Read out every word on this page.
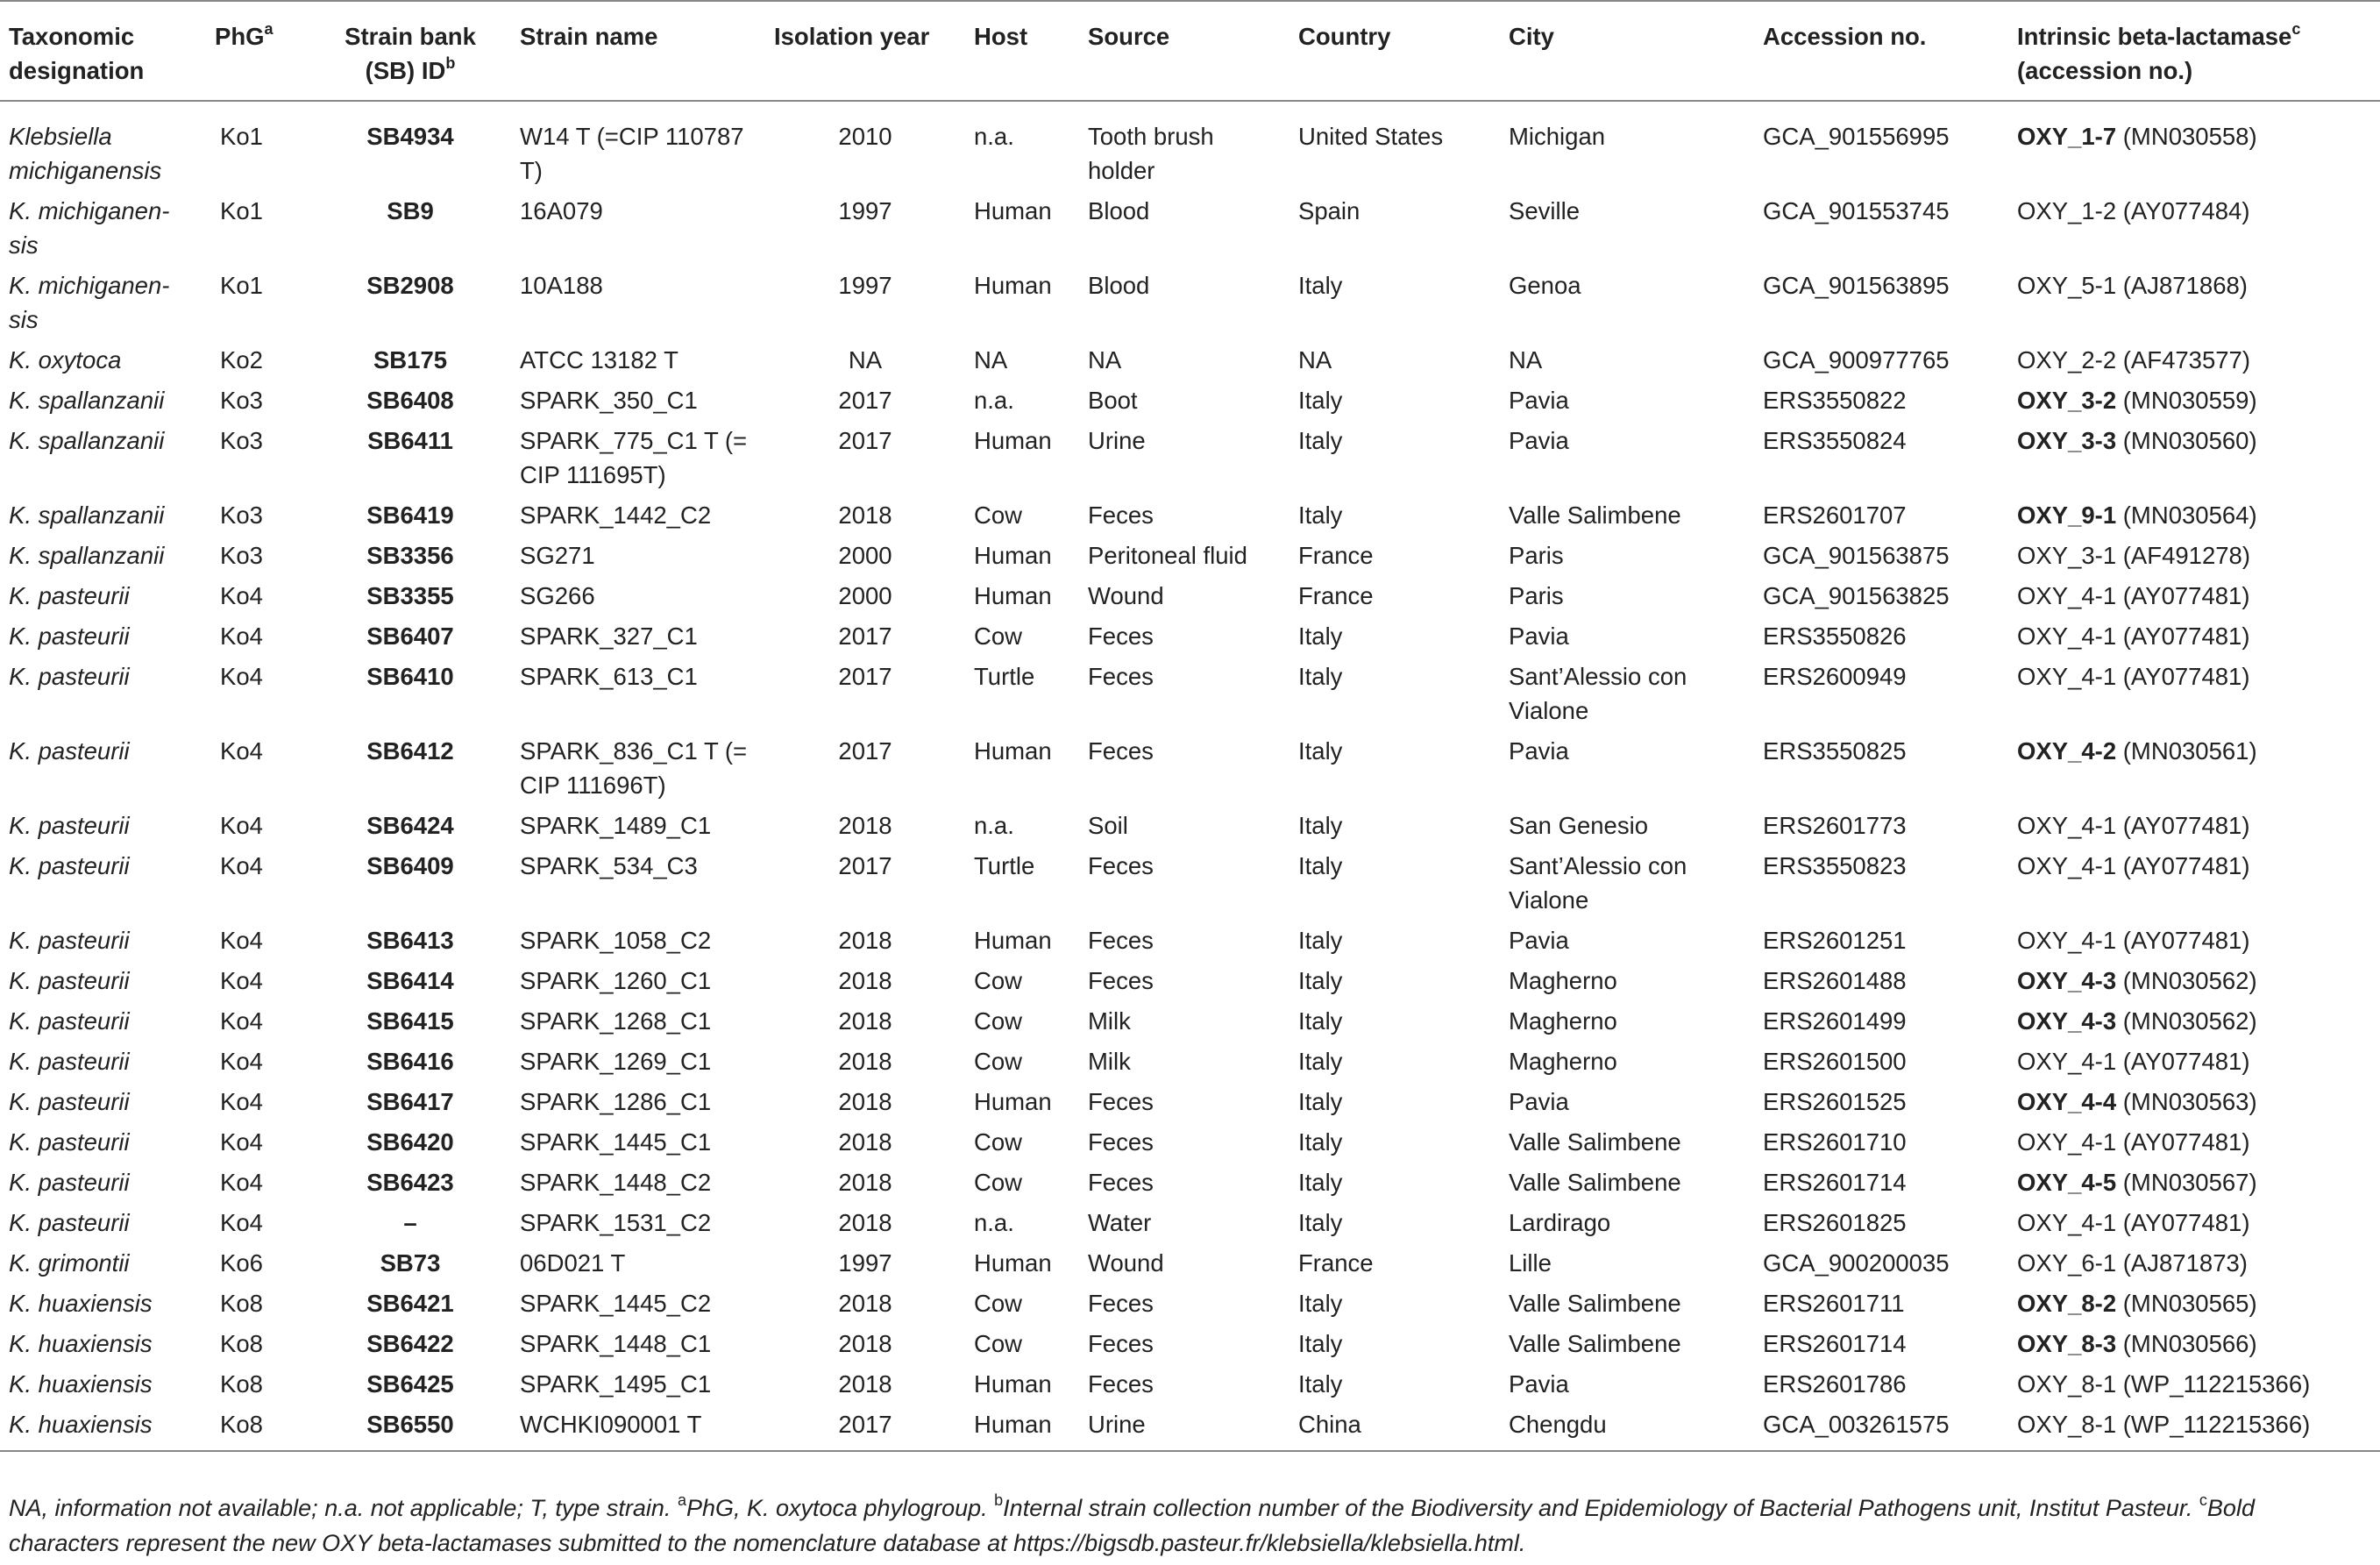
Taxonomic designation	PhG$^a$	Strain bank (SB) $ID^b$	Strain name	Isolation year	Host	Source	Country	City	Accession no.	Intrinsic beta-lactamase$^c$
(accession no.)
Klebsiella michiganensis	Ko1	SB4934	W14 T (=CIP 110787 T)	2010	n.a.	Tooth brush holder	United States	Michigan	GCA_901556995	OXY_1-7 (MN030558)
K. michiganen-sis	Ko1	SB9	16A079	1997	Human	Blood	Spain	Seville	GCA_901553745	OXY_1-2 (AY077484)
K. michiganen-sis	Ko1	SB2908	10A188	1997	Human	Blood	Italy	Genoa	GCA_901563895	OXY_5-1 (AJ871868)
K. oxytoca	Ko2	SB175	ATCC 13182 T	NA	NA	NA	NA	NA	GCA_900977765	OXY_2-2 (AF473577)
K. spallanzanii	Ko3	SB6408	SPARK_350_C1	2017	n.a.	Boot	Italy	Pavia	ERS3550822	OXY_3-2 (MN030559)
K. spallanzanii	Ko3	SB6411	SPARK_775_C1 T (= CIP 111695T)	2017	Human	Urine	Italy	Pavia	ERS3550824	OXY_3-3 (MN030560)
K. spallanzanii	Ko3	SB6419	SPARK_1442_C2	2018	Cow	Feces	Italy	Valle Salimbene	ERS2601707	OXY_9-1 (MN030564)
K. spallanzanii	Ko3	SB3356	SG271	2000	Human	Peritoneal fluid	France	Paris	GCA_901563875	OXY_3-1 (AF491278)
K. pasteurii	Ko4	SB3355	SG266	2000	Human	Wound	France	Paris	GCA_901563825	OXY_4-1 (AY077481)
K. pasteurii	Ko4	SB6407	SPARK_327_C1	2017	Cow	Feces	Italy	Pavia	ERS3550826	OXY_4-1 (AY077481)
K. pasteurii	Ko4	SB6410	SPARK_613_C1	2017	Turtle	Feces	Italy	Sant’Alessio con Vialone	ERS2600949	OXY_4-1 (AY077481)
K. pasteurii	Ko4	SB6412	SPARK_836_C1 T (= CIP 111696T)	2017	Human	Feces	Italy	Pavia	ERS3550825	OXY_4-2 (MN030561)
K. pasteurii	Ko4	SB6424	SPARK_1489_C1	2018	n.a.	Soil	Italy	San Genesio	ERS2601773	OXY_4-1 (AY077481)
K. pasteurii	Ko4	SB6409	SPARK_534_C3	2017	Turtle	Feces	Italy	Sant’Alessio con Vialone	ERS3550823	OXY_4-1 (AY077481)
K. pasteurii	Ko4	SB6413	SPARK_1058_C2	2018	Human	Feces	Italy	Pavia	ERS2601251	OXY_4-1 (AY077481)
K. pasteurii	Ko4	SB6414	SPARK_1260_C1	2018	Cow	Feces	Italy	Magherno	ERS2601488	OXY_4-3 (MN030562)
K. pasteurii	Ko4	SB6415	SPARK_1268_C1	2018	Cow	Milk	Italy	Magherno	ERS2601499	OXY_4-3 (MN030562)
K. pasteurii	Ko4	SB6416	SPARK_1269_C1	2018	Cow	Milk	Italy	Magherno	ERS2601500	OXY_4-1 (AY077481)
K. pasteurii	Ko4	SB6417	SPARK_1286_C1	2018	Human	Feces	Italy	Pavia	ERS2601525	OXY_4-4 (MN030563)
K. pasteurii	Ko4	SB6420	SPARK_1445_C1	2018	Cow	Feces	Italy	Valle Salimbene	ERS2601710	OXY_4-1 (AY077481)
K. pasteurii	Ko4	SB6423	SPARK_1448_C2	2018	Cow	Feces	Italy	Valle Salimbene	ERS2601714	OXY_4-5 (MN030567)
K. pasteurii	Ko4	–	SPARK_1531_C2	2018	n.a.	Water	Italy	Lardirago	ERS2601825	OXY_4-1 (AY077481)
K. grimontii	Ko6	SB73	06D021 T	1997	Human	Wound	France	Lille	GCA_900200035	OXY_6-1 (AJ871873)
K. huaxiensis	Ko8	SB6421	SPARK_1445_C2	2018	Cow	Feces	Italy	Valle Salimbene	ERS2601711	OXY_8-2 (MN030565)
K. huaxiensis	Ko8	SB6422	SPARK_1448_C1	2018	Cow	Feces	Italy	Valle Salimbene	ERS2601714	OXY_8-3 (MN030566)
K. huaxiensis	Ko8	SB6425	SPARK_1495_C1	2018	Human	Feces	Italy	Pavia	ERS2601786	OXY_8-1 (WP_112215366)
K. huaxiensis	Ko8	SB6550	WCHKI090001 T	2017	Human	Urine	China	Chengdu	GCA_003261575	OXY_8-1 (WP_112215366)
NA, information not available; n.a. not applicable; T, type strain. $^a$PhG, K. oxytoca phylogroup. $^b$Internal strain collection number of the Biodiversity and Epidemiology of Bacterial Pathogens unit, Institut Pasteur. $^c$Bold characters represent the new OXY beta-lactamases submitted to the nomenclature database at https://bigsdb.pasteur.fr/klebsiella/klebsiella.html.
